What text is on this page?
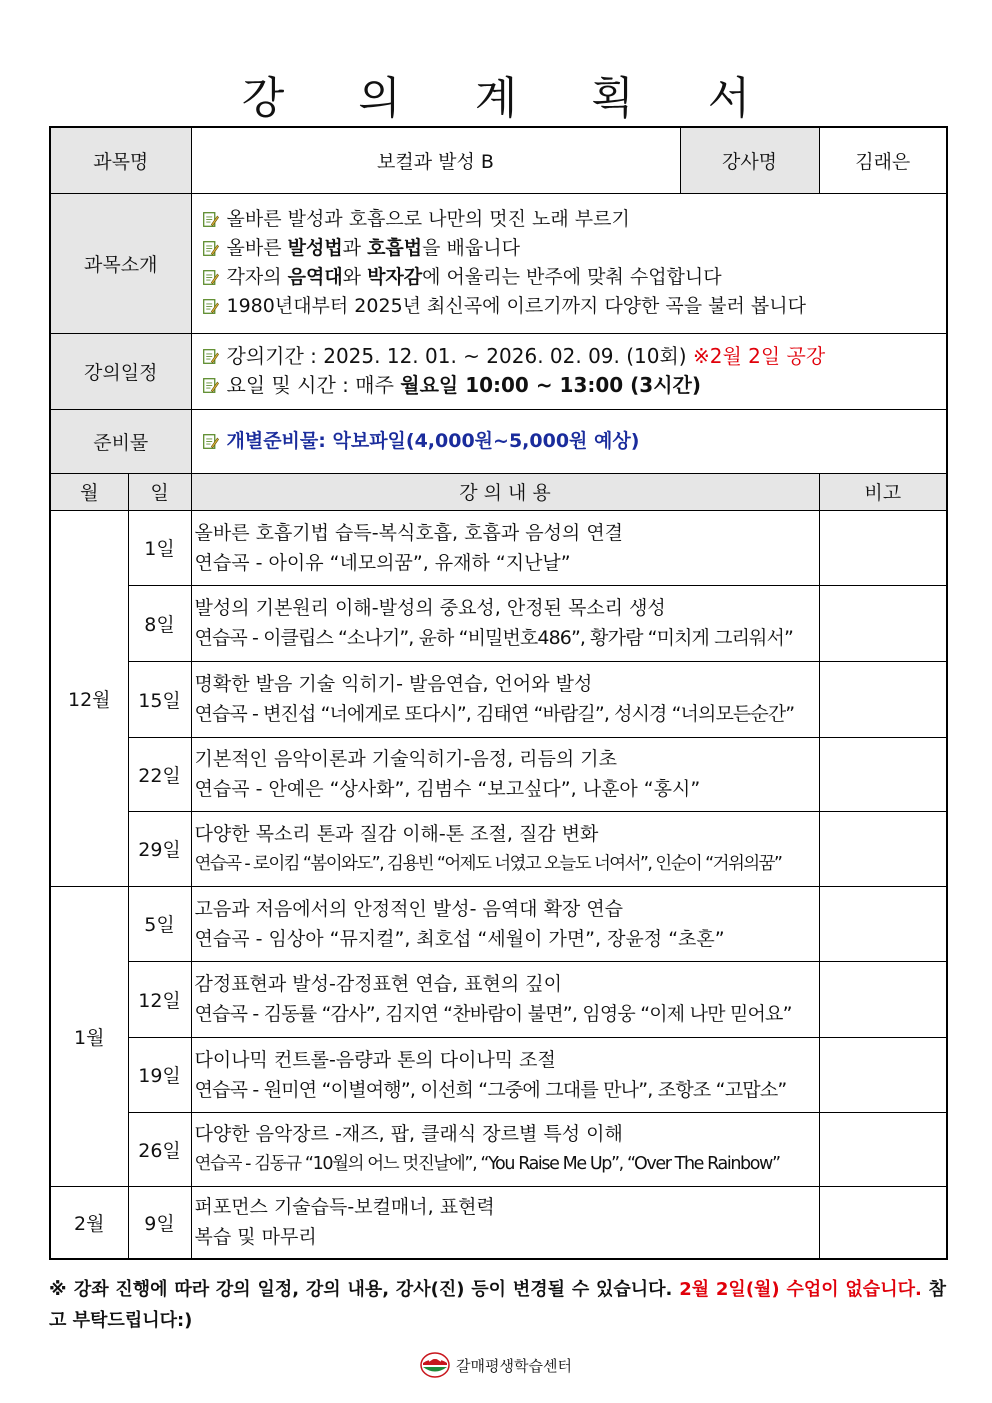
강 의 계 획 서
과목명		보컬과 발성 B	강사명	김래은
과목소개		올바른 발성과 호흡으로 나만의 멋진 노래 부르기
올바른 발성법과 호흡법을 배웁니다
각자의 음역대와 박자감에 어울리는 반주에 맞춰 수업합니다
1980년대부터 2025년 최신곡에 이르기까지 다양한 곡을 불러 봅니다		

강의일정		강의기간 : 2025. 12. 01. ~ 2026. 02. 09. (10회)
※2월 2일 공강
요일 및 시간 : 매주 월요일 10:00 ~ 13:00 (3시간)		

준비물		개별준비물: 악보파일(4,000원~5,000원 예상)		

월	일	강 의 내 용		비고
12월	1일	올바른 호흡기법 습득-복식호흡, 호흡과 음성의 연결
연습곡 - 아이유 “네모의꿈”, 유재하 “지난날”		

	8일	발성의 기본원리 이해-발성의 중요성, 안정된 목소리 생성
연습곡 - 이클립스 “소나기”, 윤하 “비밀번호486”, 황가람 “미치게 그리워서”		

	15일	명확한 발음 기술 익히기- 발음연습, 언어와 발성
연습곡 - 변진섭 “너에게로 또다시”, 김태연 “바람길”, 성시경 “너의모든순간”		

	22일	기본적인 음악이론과 기술익히기-음정, 리듬의 기초
연습곡 - 안예은 “상사화”, 김범수 “보고싶다”, 나훈아 “홍시”		

	29일	다양한 목소리 톤과 질감 이해-톤 조절, 질감 변화
연습곡 - 로이킴 “봄이와도”, 김용빈 “어제도 너였고 오늘도 너여서”, 인순이 “거위의꿈”		

1월	5일	고음과 저음에서의 안정적인 발성- 음역대 확장 연습
연습곡 - 임상아 “뮤지컬”, 최호섭 “세월이 가면”, 장윤정 “초혼”		

	12일	감정표현과 발성-감정표현 연습, 표현의 깊이
연습곡 - 김동률 “감사”, 김지연 “찬바람이 불면”, 임영웅 “이제 나만 믿어요”		

	19일	다이나믹 컨트롤-음량과 톤의 다이나믹 조절
연습곡 - 원미연 “이별여행”, 이선희 “그중에 그대를 만나”, 조항조 “고맙소”		

	26일	다양한 음악장르 -재즈, 팝, 클래식 장르별 특성 이해
연습곡 - 김동규 “10월의 어느 멋진날에”, “You Raise Me Up”, “Over The Rainbow”		

2월	9일	퍼포먼스 기술습득-보컬매너, 표현력
복습 및 마무리		

※ 강좌 진행에 따라 강의 일정, 강의 내용, 강사(진) 등이 변경될 수 있습니다. 2월 2일(월) 수업이 없습니다. 참고 부탁드립니다:)
갈매평생학습센터
